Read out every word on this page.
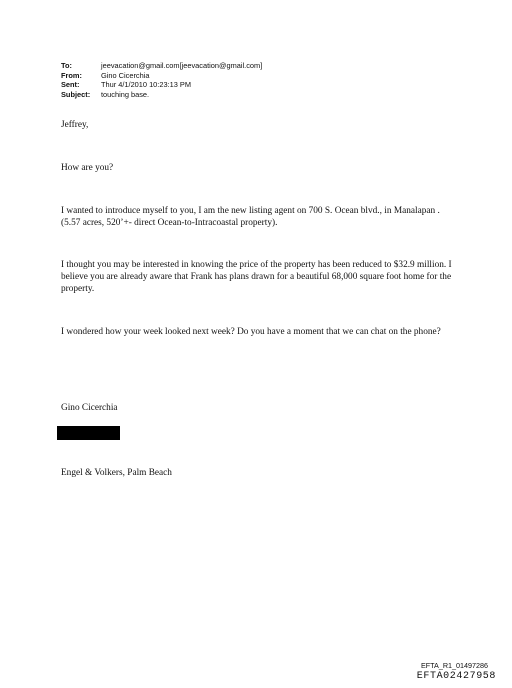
To:	jeevacation@gmail.com[jeevacation@gmail.com]
From:	Gino Cicerchia
Sent:	Thur 4/1/2010 10:23:13 PM
Subject:	touching base.

Jeffrey,

How are you?

I wanted to introduce myself to you, I am the new listing agent on 700 S. Ocean blvd., in Manalapan . (5.57 acres, 520’+- direct Ocean-to-Intracoastal property).

I thought you may be interested in knowing the price of the property has been reduced to $32.9 million. I believe you are already aware that Frank has plans drawn for a beautiful 68,000 square foot home for the property.

I wondered how your week looked next week? Do you have a moment that we can chat on the phone?

Gino Cicerchia

Engel & Volkers, Palm Beach

EFTA_R1_01497286
EFTA02427958
